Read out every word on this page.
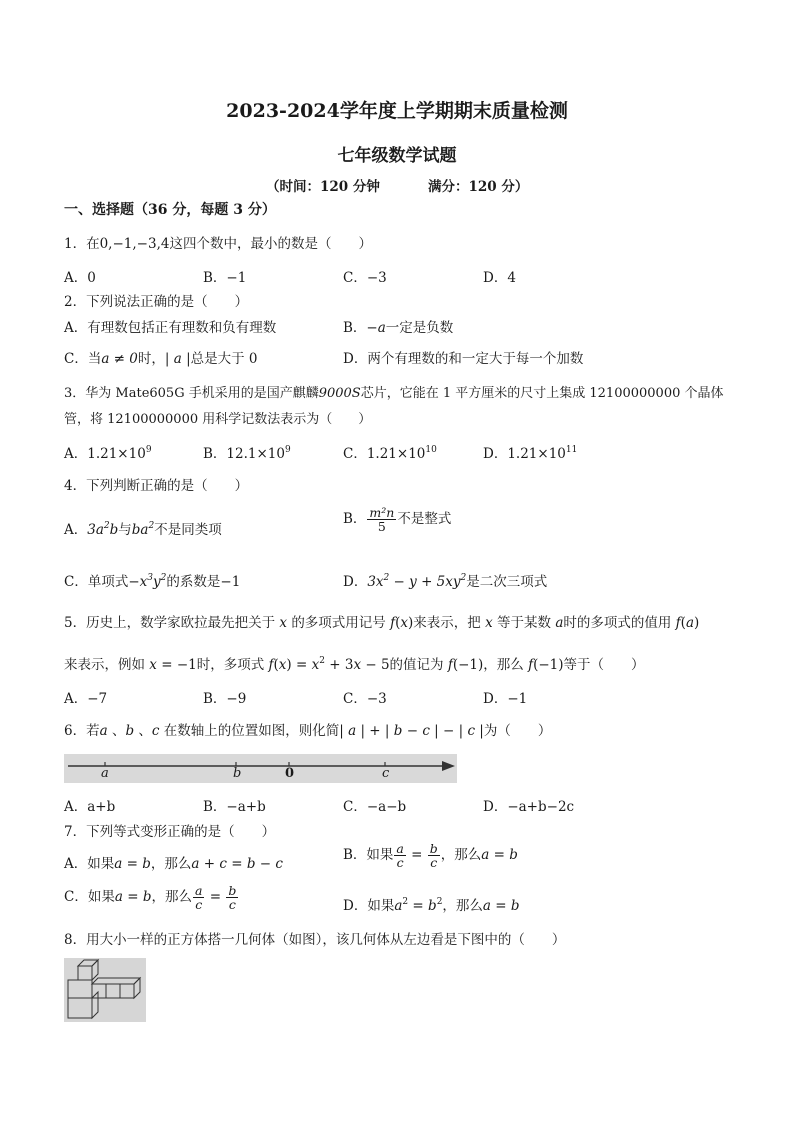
2023-2024学年度上学期期末质量检测
七年级数学试题
（时间：120 分钟	满分：120 分）
一、选择题（36 分，每题 3 分）
1．在0,−1,−3,4这四个数中，最小的数是（　　）
A．0	B．−1	C．−3	D．4
2．下列说法正确的是（　　）
A．有理数包括正有理数和负有理数	B．−a一定是负数
C．当a ≠ 0时，| a |总是大于 0	D．两个有理数的和一定大于每一个加数
3．华为 Mate605G 手机采用的是国产麒麟9000S芯片，它能在 1 平方厘米的尺寸上集成 12100000000 个晶体
管，将 12100000000 用科学记数法表示为（　　）
A．$1.21\times 10^9$	B．$12.1\times 10^9$	C．$1.21\times 10^{10}$	D．$1.21\times 10^{11}$
4．下列判断正确的是（　　）
A．$3a^2b$与$ba^2$不是同类项
B． $\frac{\text{m²n}}{5}$ 不是整式
C．单项式$-x^3y^2$的系数是−1	D．$3x^2 - y + 5xy^2$是二次三项式
5．历史上，数学家欧拉最先把关于 x 的多项式用记号 f(x)来表示，把 x 等于某数 a时的多项式的值用 f(a)
来表示，例如 x = −1时，多项式 $f(x) = x^2 + 3x - 5$的值记为 f(−1)，那么 f(−1)等于（　　）
A．−7	B．−9	C．−3	D．−1
6．若a 、b 、c 在数轴上的位置如图，则化简| a | + | b − c | − | c |为（　　）
a	b	0	c
A．a+b	B．−a+b	C．−a−b	D．−a+b−2c
7．下列等式变形正确的是（　　）
A．如果a = b，那么a + c = b − c
B．如果 $\frac{a}{c} = \frac{b}{c}$ ，那么a = b
C．如果a = b，那么 $\frac{a}{c} = \frac{b}{c}$	D．如果$a^2 = b^2$，那么a = b
8．用大小一样的正方体搭一几何体（如图），该几何体从左边看是下图中的（　　）
